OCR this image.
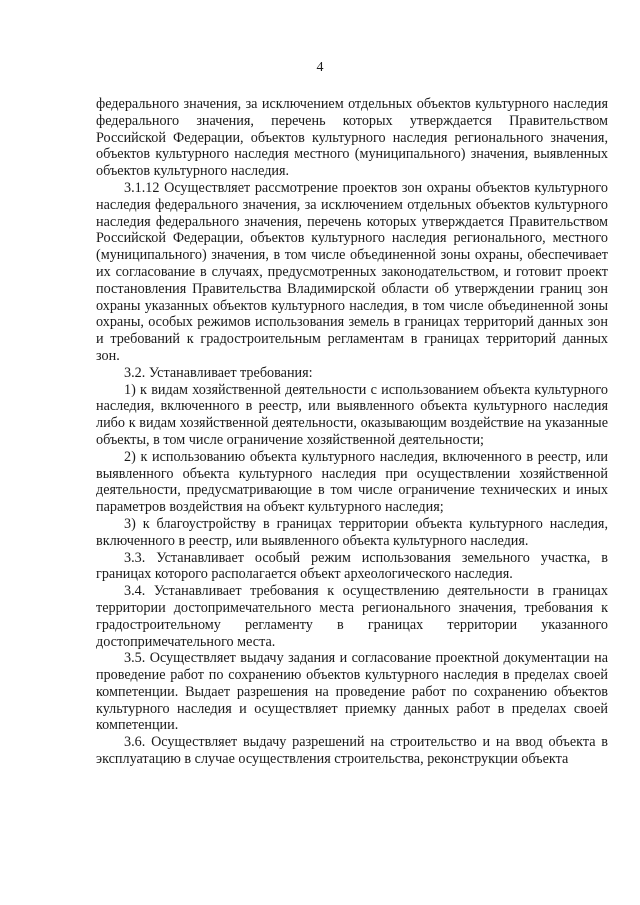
4

федерального значения, за исключением отдельных объектов культурного наследия федерального значения, перечень которых утверждается Правительством Российской Федерации, объектов культурного наследия регионального значения, объектов культурного наследия местного (муниципального) значения, выявленных объектов культурного наследия.

3.1.12 Осуществляет рассмотрение проектов зон охраны объектов культурного наследия федерального значения, за исключением отдельных объектов культурного наследия федерального значения, перечень которых утверждается Правительством Российской Федерации, объектов культурного наследия регионального, местного (муниципального) значения, в том числе объединенной зоны охраны, обеспечивает их согласование в случаях, предусмотренных законодательством, и готовит проект постановления Правительства Владимирской области об утверждении границ зон охраны указанных объектов культурного наследия, в том числе объединенной зоны охраны, особых режимов использования земель в границах территорий данных зон и требований к градостроительным регламентам в границах территорий данных зон.

3.2. Устанавливает требования:

1) к видам хозяйственной деятельности с использованием объекта культурного наследия, включенного в реестр, или выявленного объекта культурного наследия либо к видам хозяйственной деятельности, оказывающим воздействие на указанные объекты, в том числе ограничение хозяйственной деятельности;

2) к использованию объекта культурного наследия, включенного в реестр, или выявленного объекта культурного наследия при осуществлении хозяйственной деятельности, предусматривающие в том числе ограничение технических и иных параметров воздействия на объект культурного наследия;

3) к благоустройству в границах территории объекта культурного наследия, включенного в реестр, или выявленного объекта культурного наследия.

3.3. Устанавливает особый режим использования земельного участка, в границах которого располагается объект археологического наследия.

3.4. Устанавливает требования к осуществлению деятельности в границах территории достопримечательного места регионального значения, требования к градостроительному регламенту в границах территории указанного достопримечательного места.

3.5. Осуществляет выдачу задания и согласование проектной документации на проведение работ по сохранению объектов культурного наследия в пределах своей компетенции. Выдает разрешения на проведение работ по сохранению объектов культурного наследия и осуществляет приемку данных работ в пределах своей компетенции.

3.6. Осуществляет выдачу разрешений на строительство и на ввод объекта в эксплуатацию в случае осуществления строительства, реконструкции объекта
